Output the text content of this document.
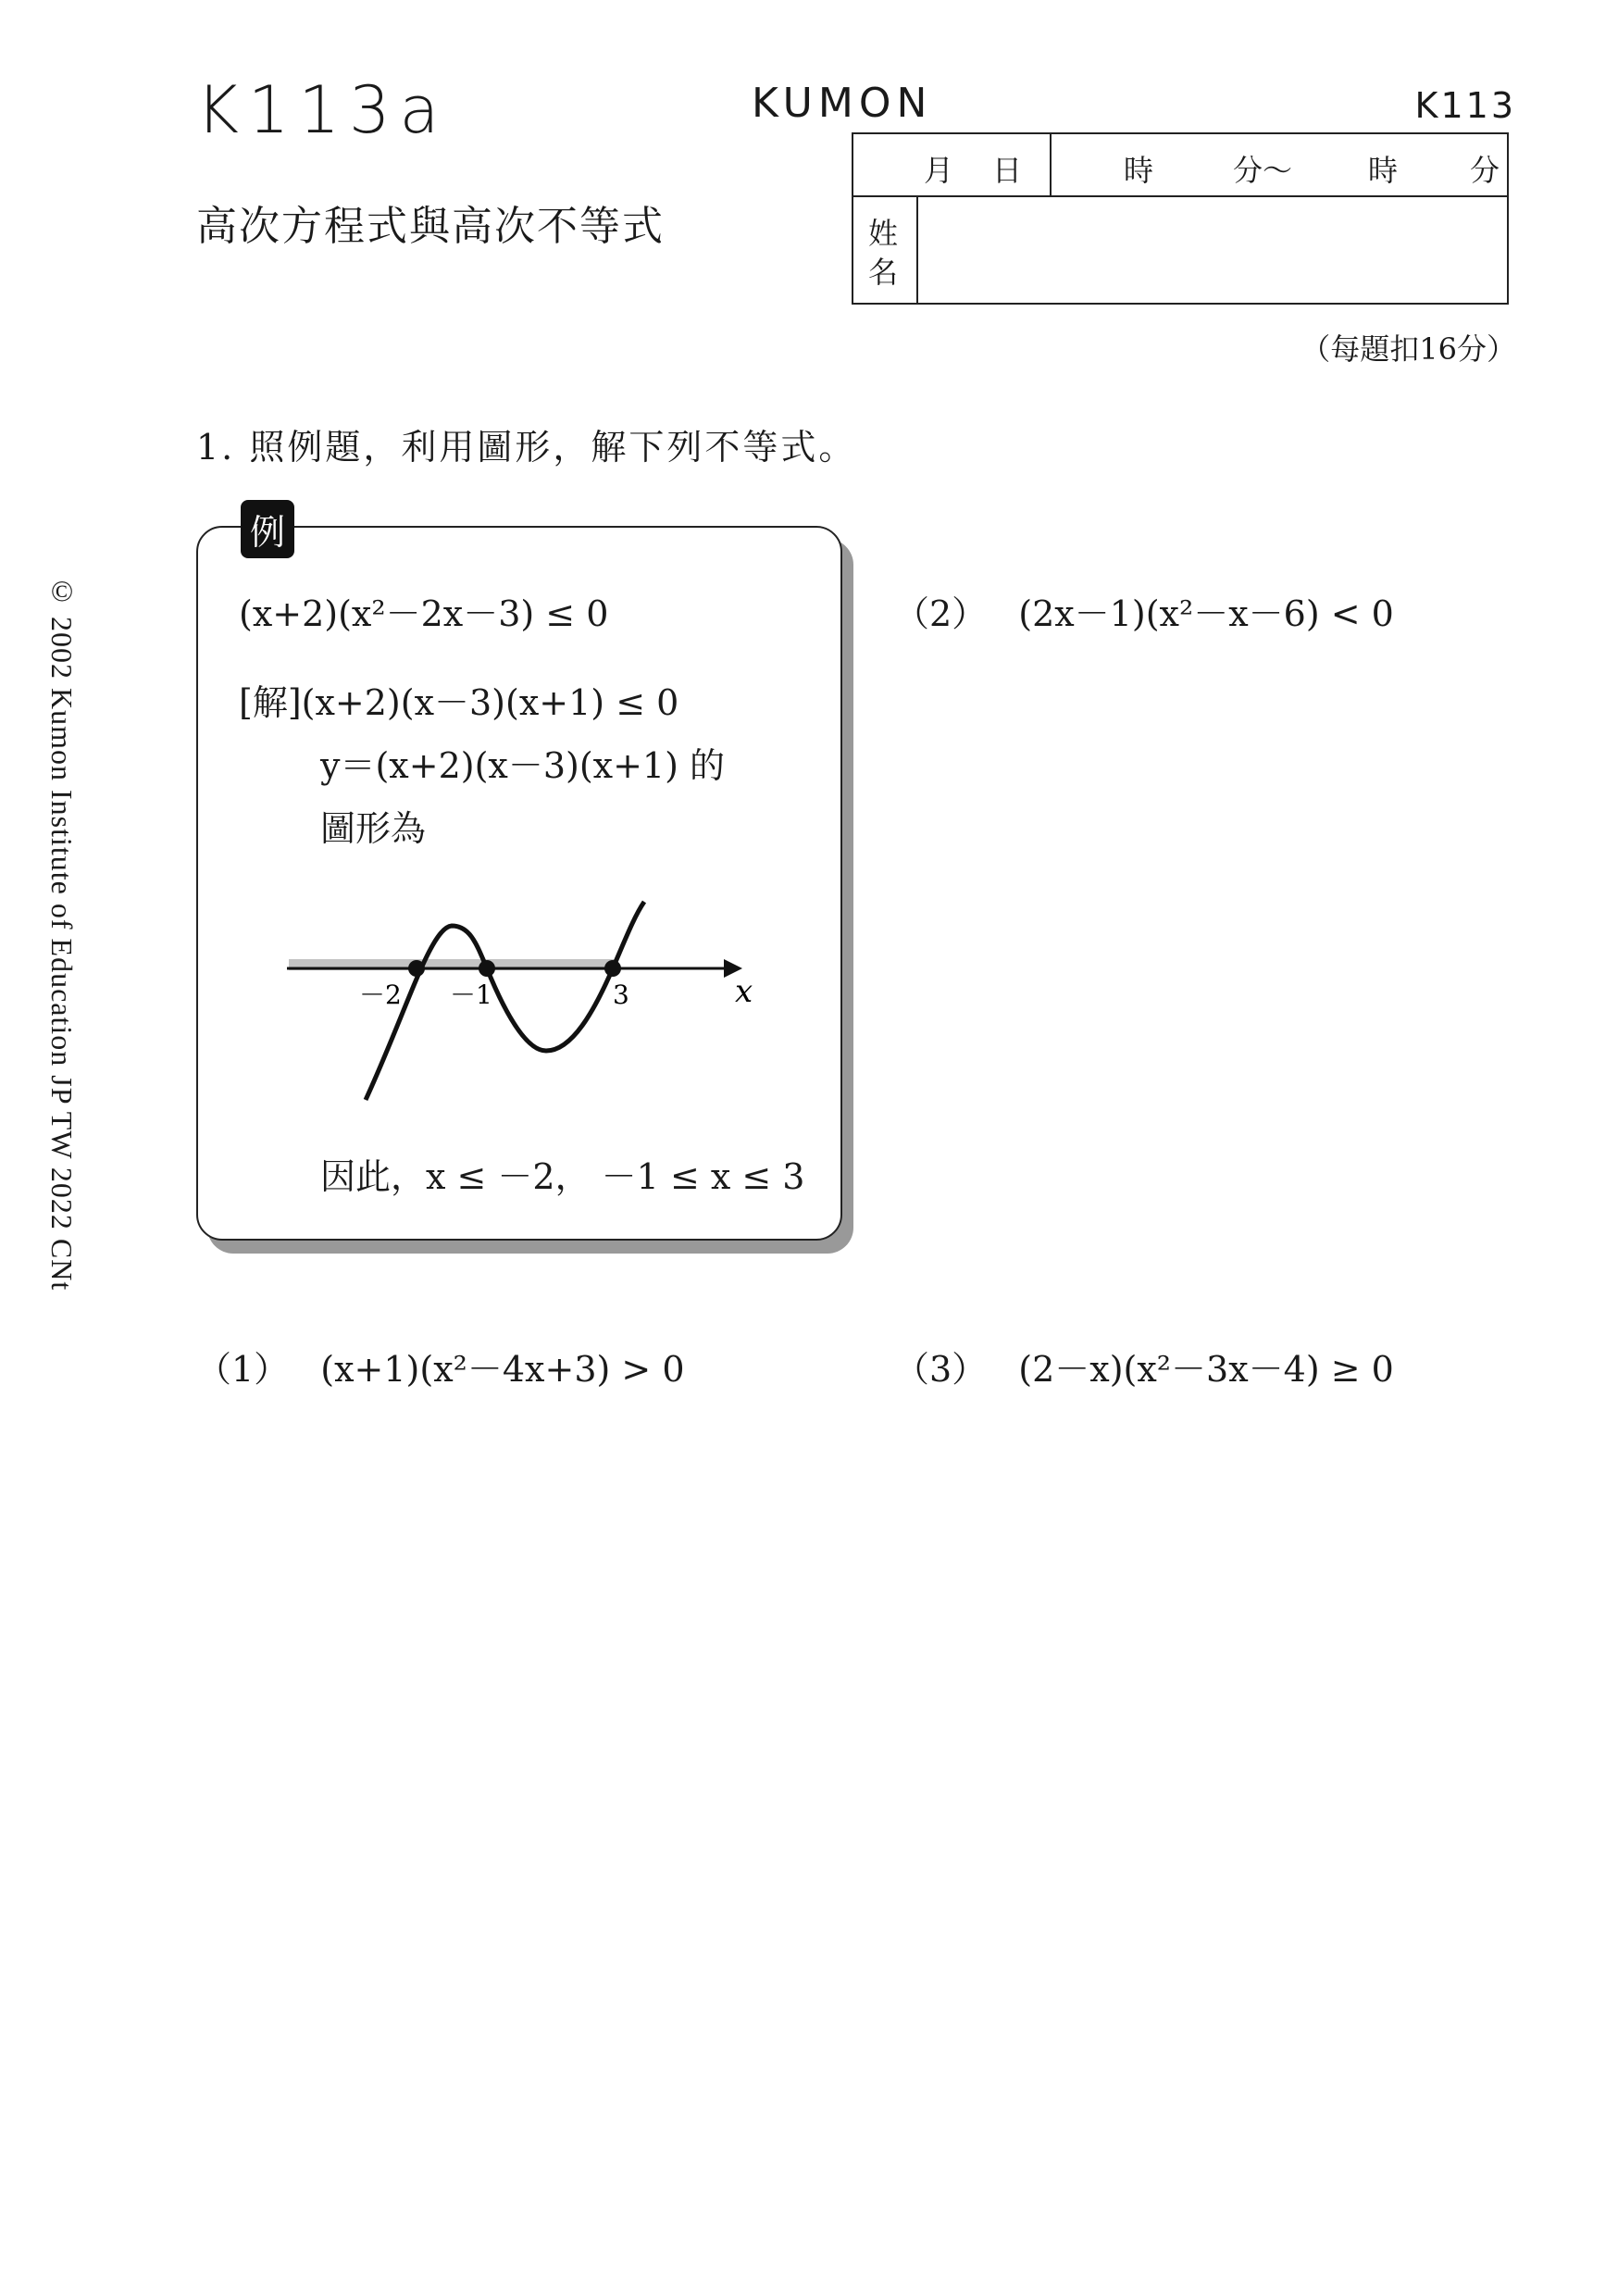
K113a	KUMON	K113
高次方程式與高次不等式
月 日	時	分～	時 分
姓
名
（每題扣16分）
1. 照例題，利用圖形，解下列不等式。
例
(x+2)(x²－2x－3) ≤ 0
[解](x+2)(x－3)(x+1) ≤ 0
y＝(x+2)(x－3)(x+1) 的
圖形為
－2 －1	3	x
因此，x ≤ －2， －1 ≤ x ≤ 3
（2） (2x－1)(x²－x－6) < 0
（1） (x+1)(x²－4x+3) > 0	（3） (2－x)(x²－3x－4) ≥ 0
© 2002 Kumon Institute of Education JP TW 2022 CNt
